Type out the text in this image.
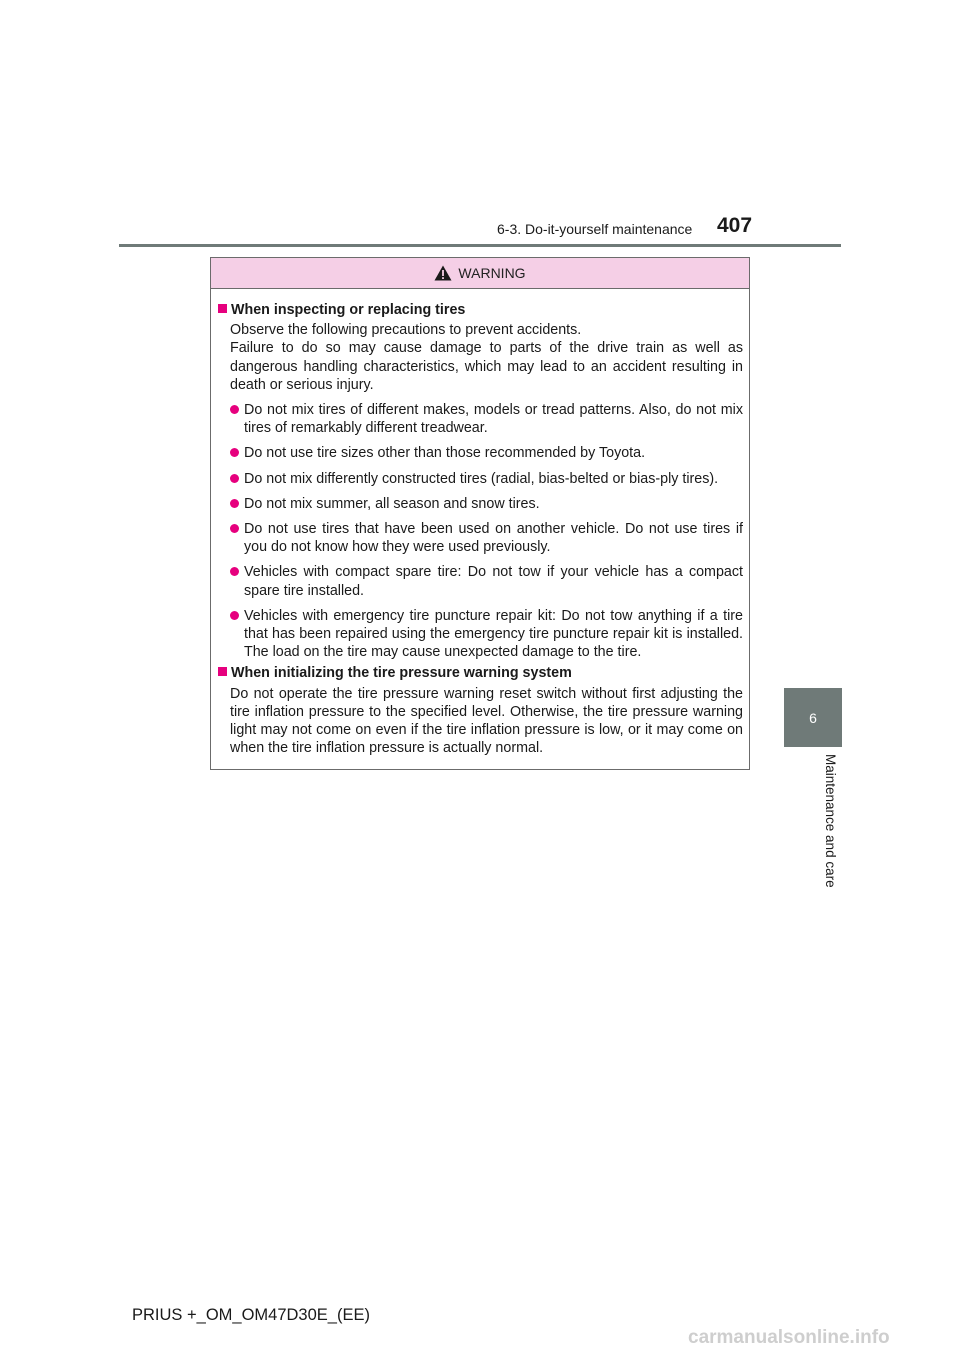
6-3. Do-it-yourself maintenance 407
6
Maintenance and care
WARNING
When inspecting or replacing tires
Observe the following precautions to prevent accidents.
Failure to do so may cause damage to parts of the drive train as well as dangerous handling characteristics, which may lead to an accident resulting in death or serious injury.
Do not mix tires of different makes, models or tread patterns. Also, do not mix tires of remarkably different treadwear.
Do not use tire sizes other than those recommended by Toyota.
Do not mix differently constructed tires (radial, bias-belted or bias-ply tires).
Do not mix summer, all season and snow tires.
Do not use tires that have been used on another vehicle. Do not use tires if you do not know how they were used previously.
Vehicles with compact spare tire: Do not tow if your vehicle has a compact spare tire installed.
Vehicles with emergency tire puncture repair kit: Do not tow anything if a tire that has been repaired using the emergency tire puncture repair kit is installed. The load on the tire may cause unexpected damage to the tire.
When initializing the tire pressure warning system
Do not operate the tire pressure warning reset switch without first adjusting the tire inflation pressure to the specified level. Otherwise, the tire pressure warning light may not come on even if the tire inflation pressure is low, or it may come on when the tire inflation pressure is actually normal.
PRIUS +_OM_OM47D30E_(EE)
carmanualsonline.info
